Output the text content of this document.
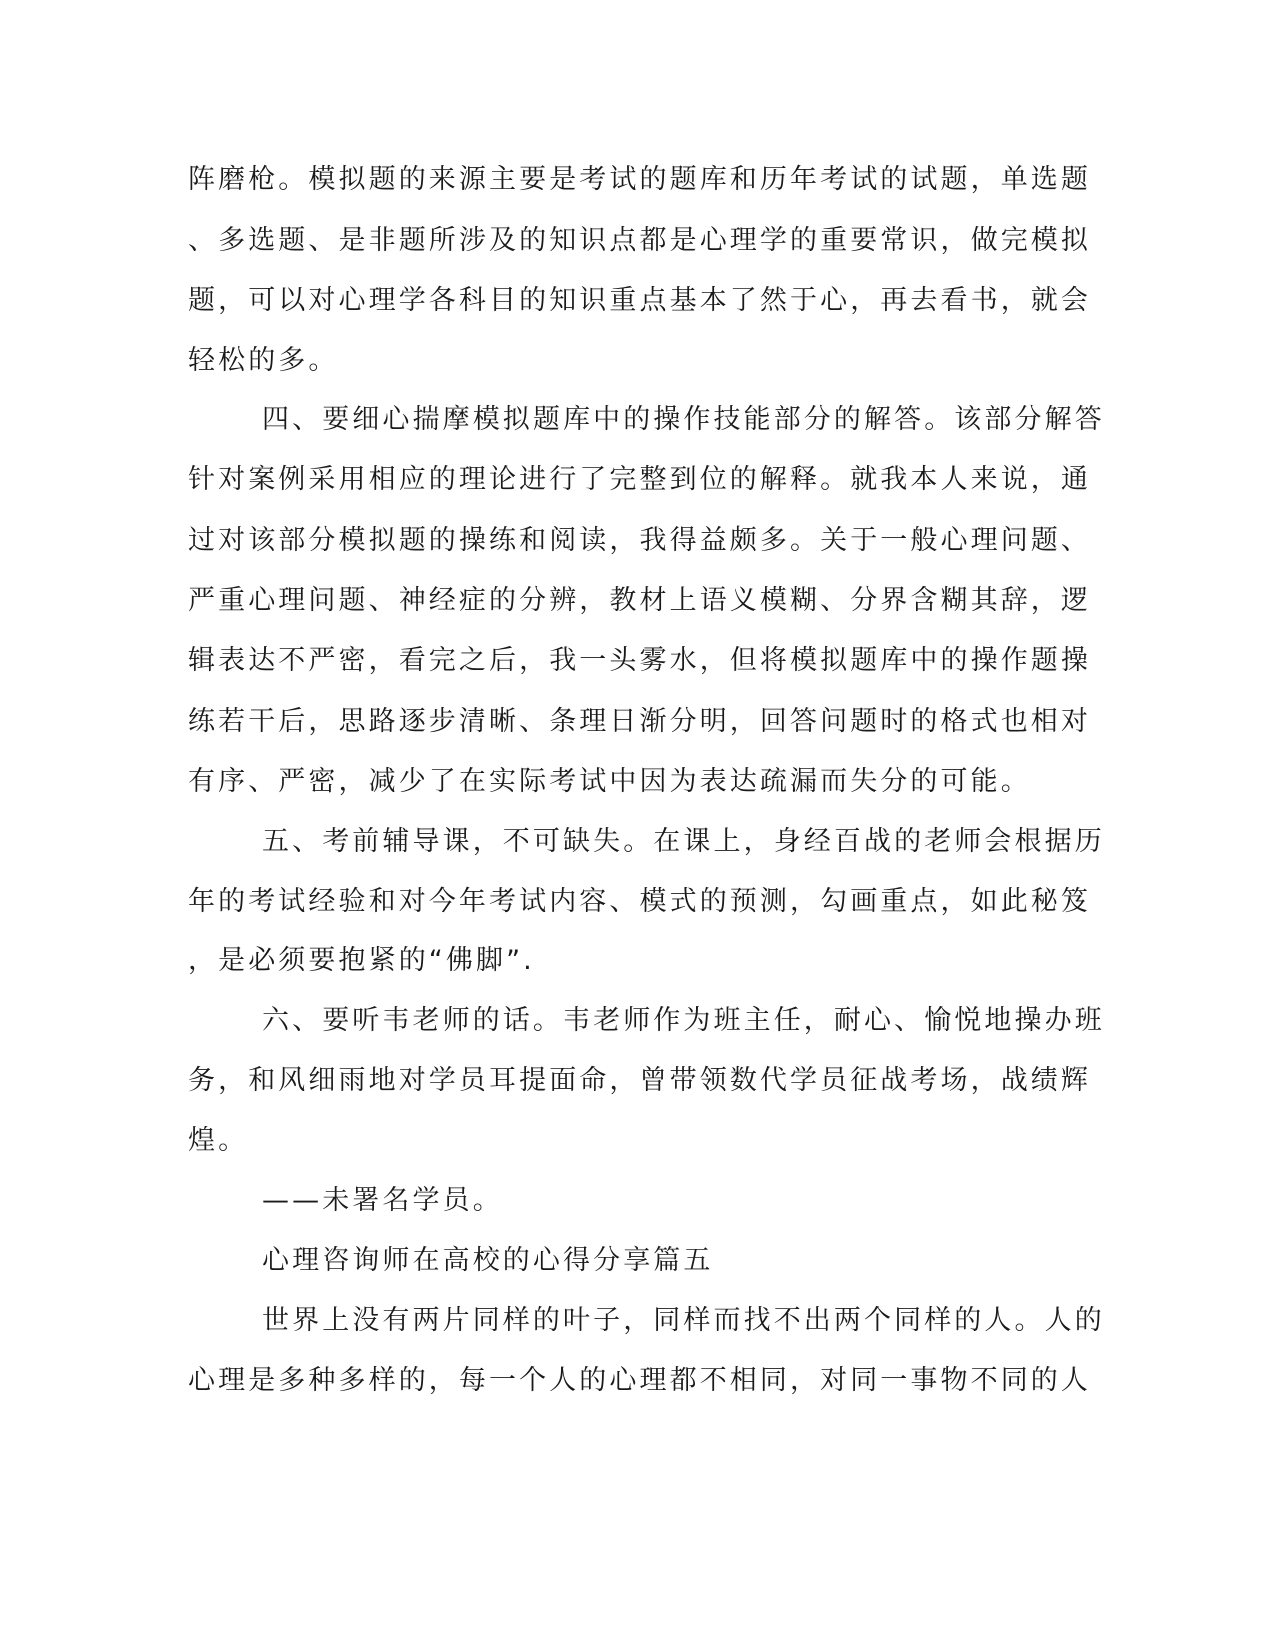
阵磨枪。模拟题的来源主要是考试的题库和历年考试的试题，单选题
、多选题、是非题所涉及的知识点都是心理学的重要常识，做完模拟
题，可以对心理学各科目的知识重点基本了然于心，再去看书，就会
轻松的多。
四、要细心揣摩模拟题库中的操作技能部分的解答。该部分解答
针对案例采用相应的理论进行了完整到位的解释。就我本人来说，通
过对该部分模拟题的操练和阅读，我得益颇多。关于一般心理问题、
严重心理问题、神经症的分辨，教材上语义模糊、分界含糊其辞，逻
辑表达不严密，看完之后，我一头雾水，但将模拟题库中的操作题操
练若干后，思路逐步清晰、条理日渐分明，回答问题时的格式也相对
有序、严密，减少了在实际考试中因为表达疏漏而失分的可能。
五、考前辅导课，不可缺失。在课上，身经百战的老师会根据历
年的考试经验和对今年考试内容、模式的预测，勾画重点，如此秘笈
，是必须要抱紧的“佛脚”.
六、要听韦老师的话。韦老师作为班主任，耐心、愉悦地操办班
务，和风细雨地对学员耳提面命，曾带领数代学员征战考场，战绩辉
煌。
——未署名学员。
心理咨询师在高校的心得分享篇五
世界上没有两片同样的叶子，同样而找不出两个同样的人。人的
心理是多种多样的，每一个人的心理都不相同，对同一事物不同的人
